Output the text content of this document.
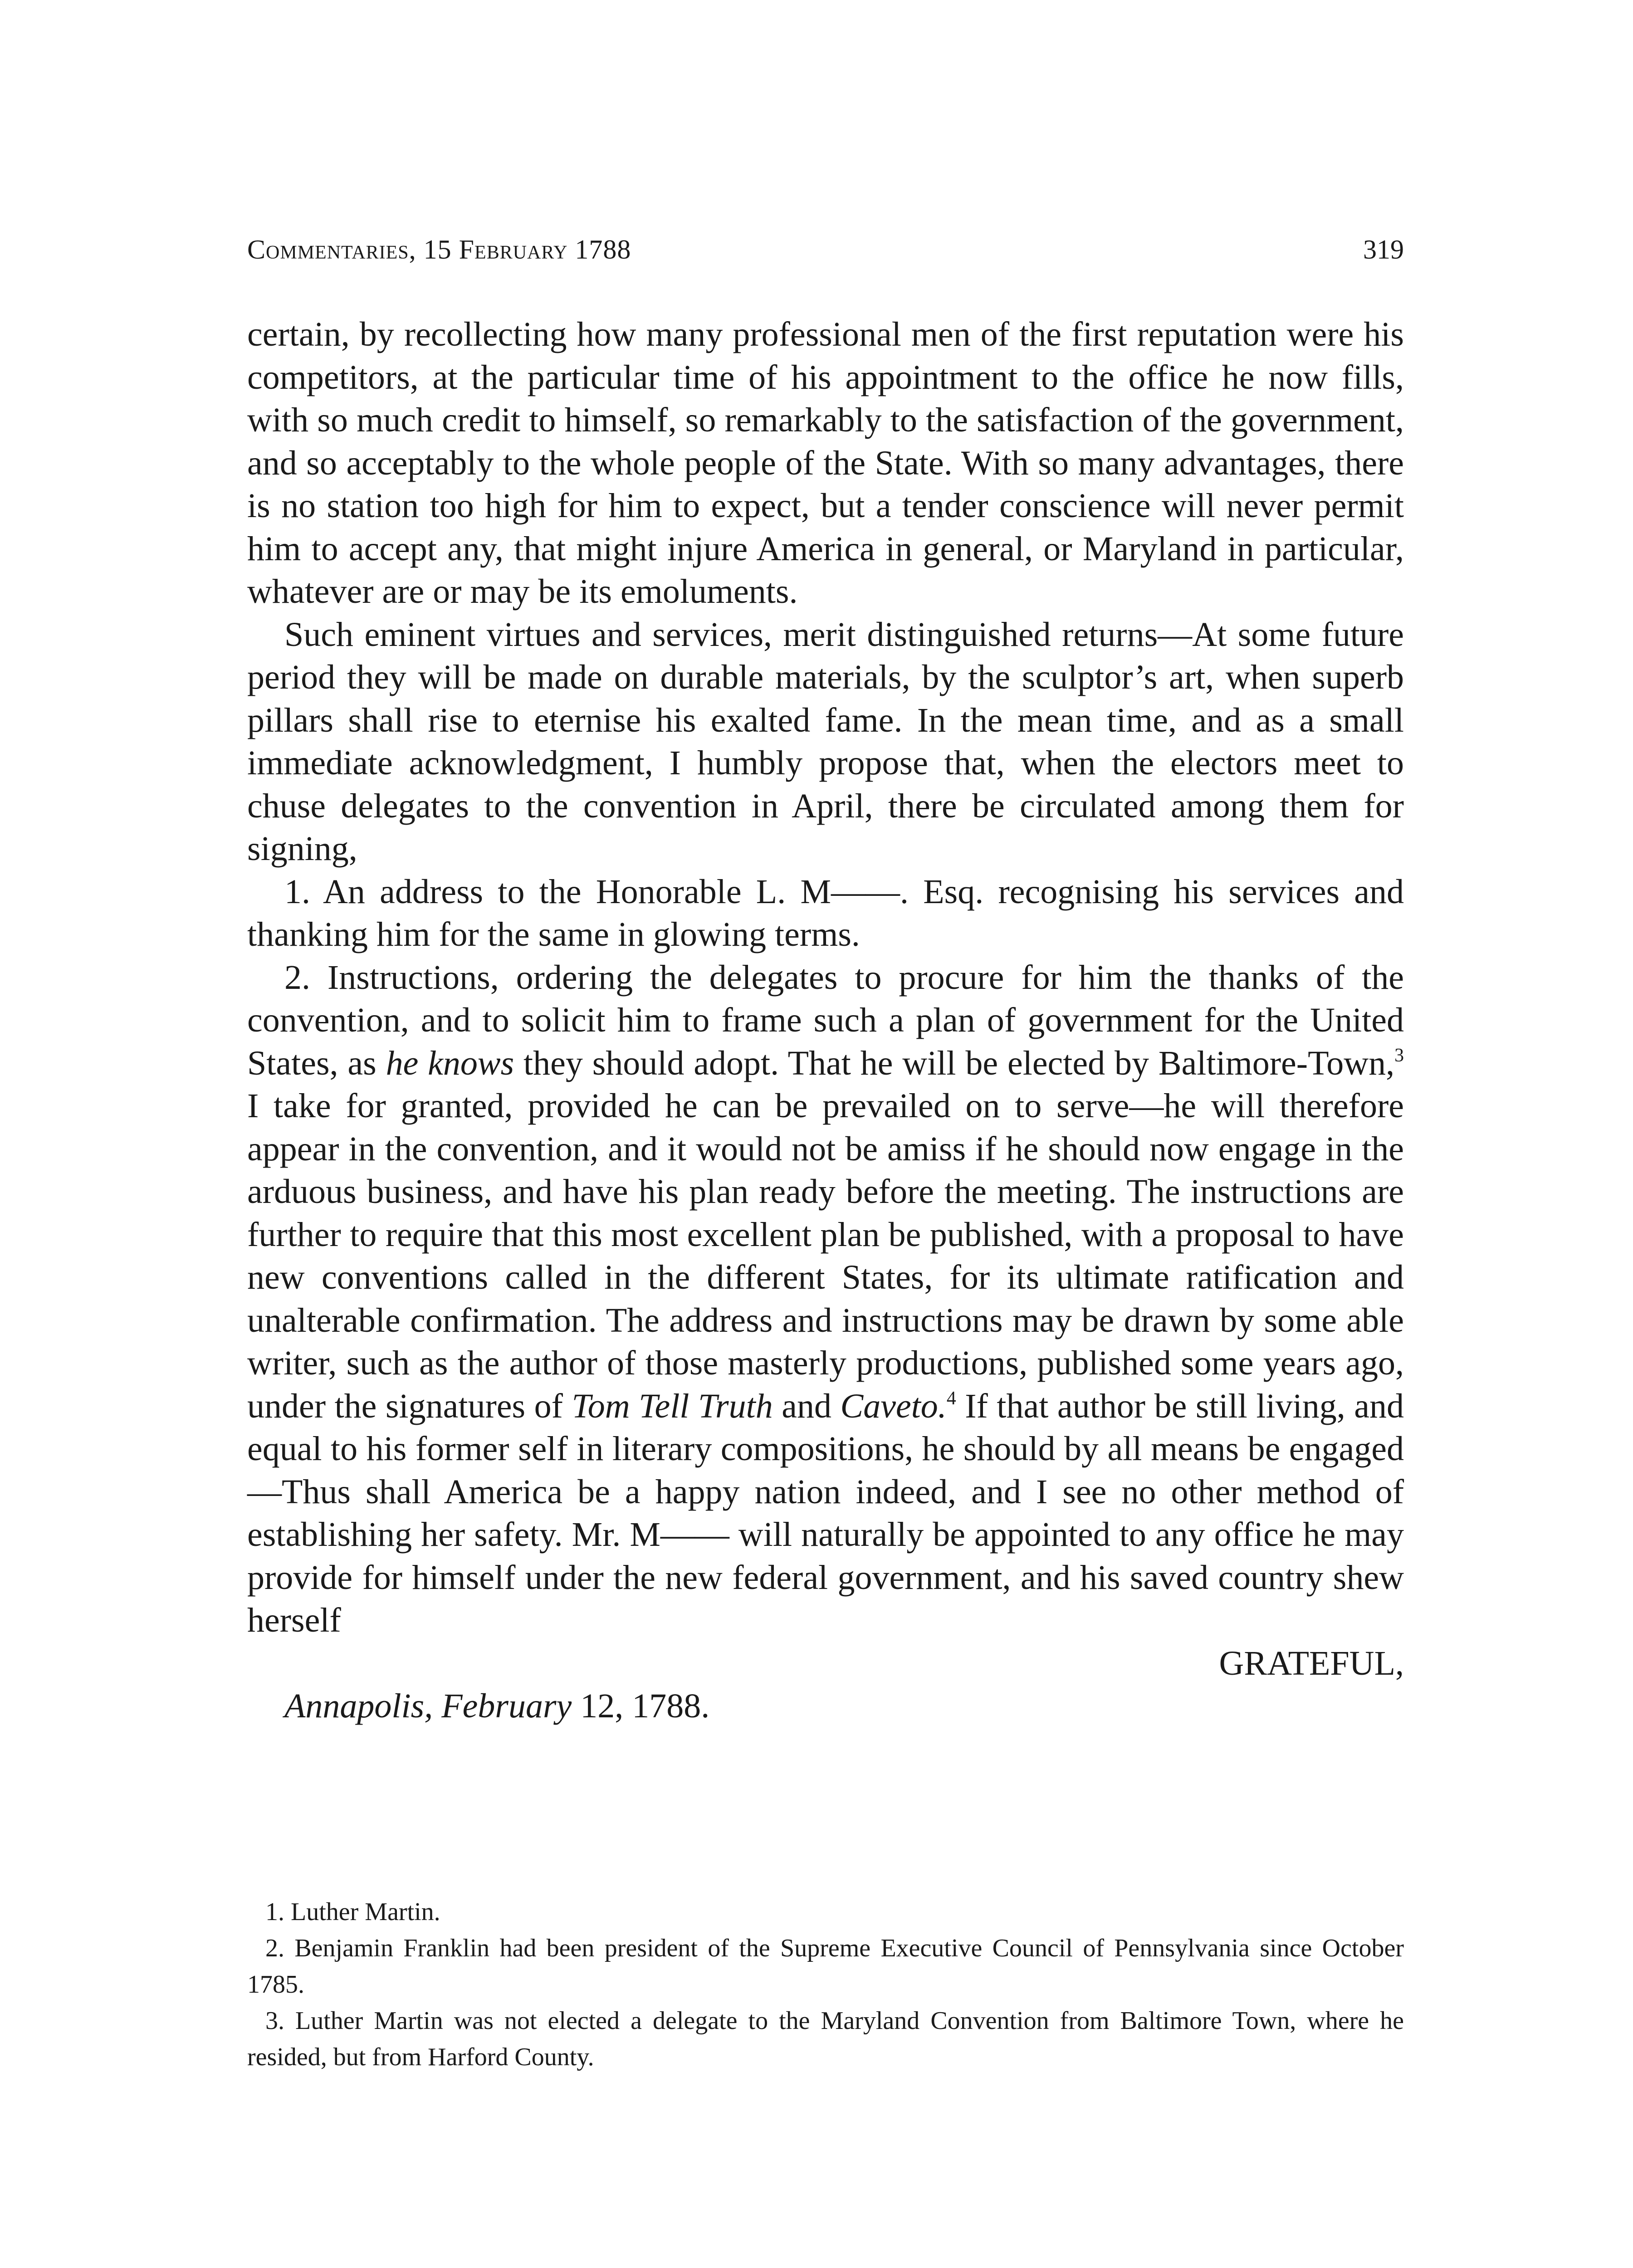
Commentaries, 15 February 1788	319

certain, by recollecting how many professional men of the first reputation were his competitors, at the particular time of his appointment to the office he now fills, with so much credit to himself, so remarkably to the satisfaction of the government, and so acceptably to the whole people of the State. With so many advantages, there is no station too high for him to expect, but a tender conscience will never permit him to accept any, that might injure America in general, or Maryland in particular, whatever are or may be its emoluments.

Such eminent virtues and services, merit distinguished returns—At some future period they will be made on durable materials, by the sculptor’s art, when superb pillars shall rise to eternise his exalted fame. In the mean time, and as a small immediate acknowledgment, I humbly propose that, when the electors meet to chuse delegates to the convention in April, there be circulated among them for signing,

1. An address to the Honorable L. M——. Esq. recognising his services and thanking him for the same in glowing terms.

2. Instructions, ordering the delegates to procure for him the thanks of the convention, and to solicit him to frame such a plan of government for the United States, as he knows they should adopt. That he will be elected by Baltimore-Town,$^3$ I take for granted, provided he can be prevailed on to serve—he will therefore appear in the convention, and it would not be amiss if he should now engage in the arduous business, and have his plan ready before the meeting. The instructions are further to require that this most excellent plan be published, with a proposal to have new conventions called in the different States, for its ultimate ratification and unalterable confirmation. The address and instructions may be drawn by some able writer, such as the author of those masterly productions, published some years ago, under the signatures of Tom Tell Truth and Caveto.$^4$ If that author be still living, and equal to his former self in literary compositions, he should by all means be engaged—Thus shall America be a happy nation indeed, and I see no other method of establishing her safety. Mr. M—— will naturally be appointed to any office he may provide for himself under the new federal government, and his saved country shew herself

GRATEFUL,

Annapolis, February 12, 1788.

1. Luther Martin.

2. Benjamin Franklin had been president of the Supreme Executive Council of Pennsylvania since October 1785.

3. Luther Martin was not elected a delegate to the Maryland Convention from Baltimore Town, where he resided, but from Harford County.
